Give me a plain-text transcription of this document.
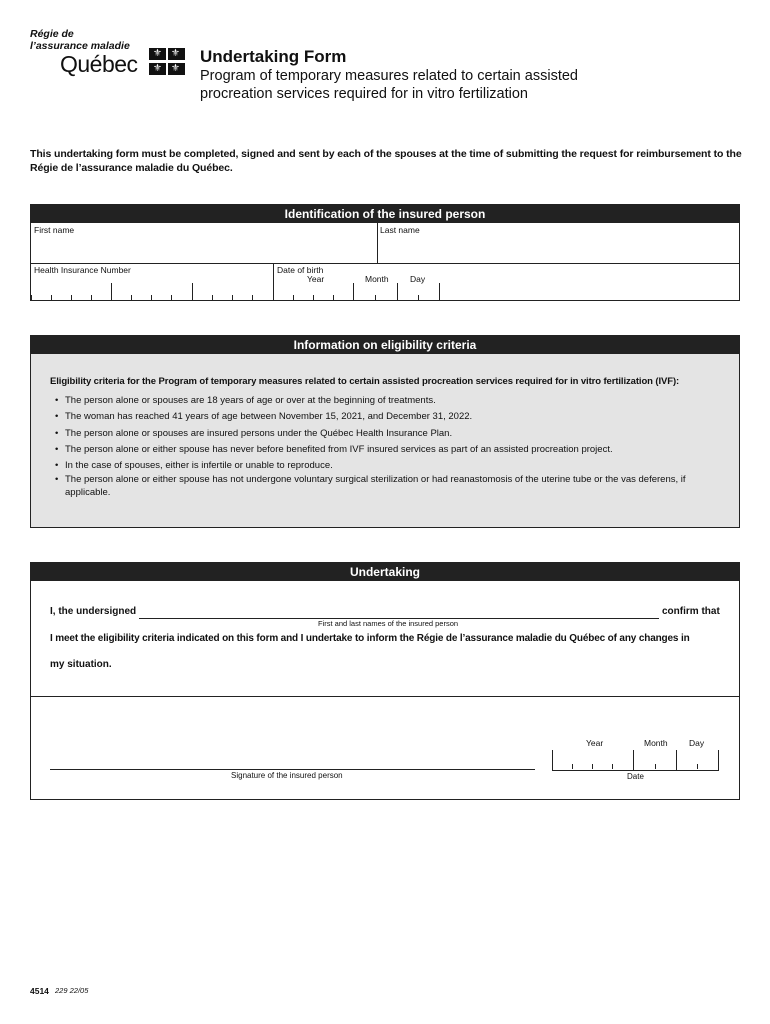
Régie de
l’assurance maladie
Québec ⚜ ⚜
⚜ ⚜
Undertaking Form
Program of temporary measures related to certain assisted procreation services required for in vitro fertilization
This undertaking form must be completed, signed and sent by each of the spouses at the time of submitting the request for reimbursement to the Régie de l’assurance maladie du Québec.
Identification of the insured person
First name	Last name
Health Insurance Number	Date of birth
Year	Month	Day
Information on eligibility criteria
Eligibility criteria for the Program of temporary measures related to certain assisted procreation services required for in vitro fertilization (IVF):
• The person alone or spouses are 18 years of age or over at the beginning of treatments.
• The woman has reached 41 years of age between November 15, 2021, and December 31, 2022.
• The person alone or spouses are insured persons under the Québec Health Insurance Plan.
• The person alone or either spouse has never before benefited from IVF insured services as part of an assisted procreation project.
• In the case of spouses, either is infertile or unable to reproduce.
• The person alone or either spouse has not undergone voluntary surgical sterilization or had reanastomosis of the uterine tube or the vas deferens, if applicable.
Undertaking
I, the undersigned
First and last names of the insured person
confirm that
I meet the eligibility criteria indicated on this form and I undertake to inform the Régie de l’assurance maladie du Québec of any changes in
my situation.
Signature of the insured person
Year	Month	Day
Date
4514 229 22/05
